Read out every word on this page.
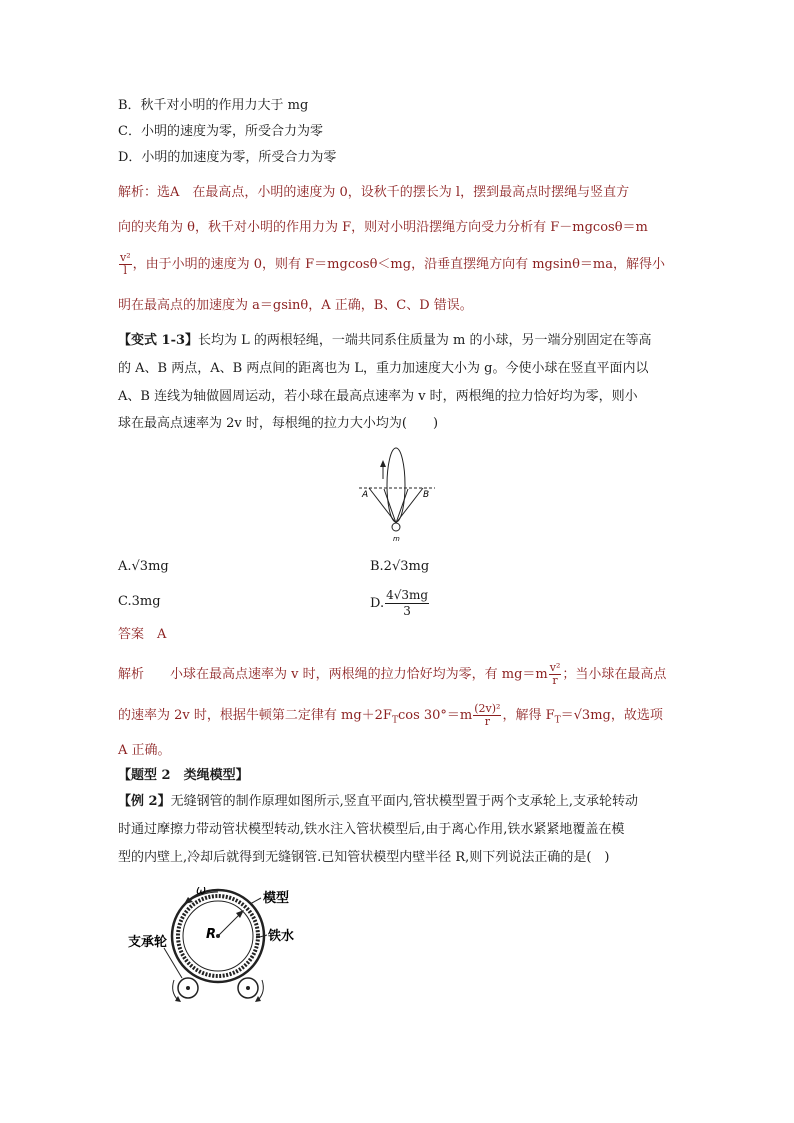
B．秋千对小明的作用力大于 mg
C．小明的速度为零，所受合力为零
D．小明的加速度为零，所受合力为零
解析：选A　在最高点，小明的速度为 0，设秋千的摆长为 l，摆到最高点时摆绳与竖直方
向的夹角为 θ，秋千对小明的作用力为 F，则对小明沿摆绳方向受力分析有 F－mgcosθ＝m
$\frac{\text{v²}}{l}$ ，由于小明的速度为 0，则有 F＝mgcosθ＜mg，沿垂直摆绳方向有 mgsinθ＝ma，解得小
明在最高点的加速度为 a＝gsinθ，A 正确，B、C、D 错误。
【变式 1-3】长均为 L 的两根轻绳，一端共同系住质量为 m 的小球，另一端分别固定在等高
的 A、B 两点，A、B 两点间的距离也为 L，重力加速度大小为 g。今使小球在竖直平面内以
A、B 连线为轴做圆周运动，若小球在最高点速率为 v 时，两根绳的拉力恰好均为零，则小
球在最高点速率为 2v 时，每根绳的拉力大小均为(　　)
A	B
m
A.√3mg	B.2√3mg
C.3mg	D. $\frac{4√3mg}{3}$
答案　A
解析　　 小球在最高点速率为 v 时，两根绳的拉力恰好均为零，有 $mg=m \frac{\text{v²}}{r}$ ；当小球在最高点
的速率为 2v 时，根据牛顿第二定律有 $mg+2F_T\cos$ $30^\circ=m \frac{\text{(2v)²}}{r}$ ，解得 $F_T=√3mg$，故选项
A 正确。
【题型 2　类绳模型】
【例 2】无缝钢管的制作原理如图所示,竖直平面内,管状模型置于两个支承轮上,支承轮转动
时通过摩擦力带动管状模型转动,铁水注入管状模型后,由于离心作用,铁水紧紧地覆盖在模
型的内壁上,冷却后就得到无缝钢管.已知管状模型内壁半径 R,则下列说法正确的是(　)
R
ω
模型
铁水
支承轮
